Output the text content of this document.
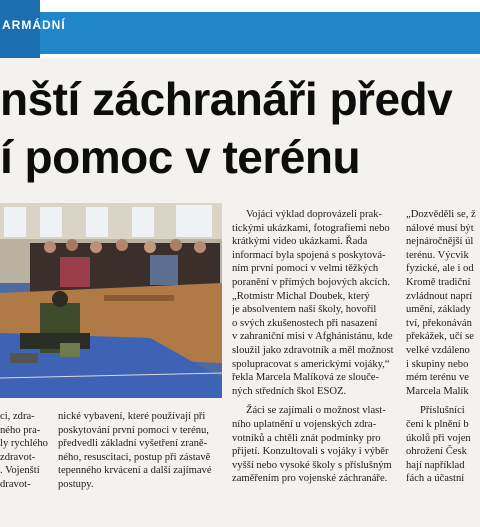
ARMÁDNÍ
nští záchranáři předv
í pomoc v terénu
ci, zdra-
ného pra-
ly rychlého
zdravot-
. Vojenští
dravot-
nické vybavení, které používají při
poskytování první pomoci v terénu,
předvedli základní vyšetření zraně-
ného, resuscitaci, postup při zástavě
tepenného krvácení a další zajímavé
postupy.
Vojáci výklad doprovázeli prak-
tickými ukázkami, fotografiemi nebo
krátkými video ukázkami. Řada
informací byla spojená s poskytová-
ním první pomoci v velmi těžkých
poranění v přímých bojových akcích.
„Rotmistr Michal Doubek, který
je absolventem naší školy, hovořil
o svých zkušenostech při nasazení
v zahraniční misi v Afghánistánu, kde
sloužil jako zdravotník a měl možnost
spolupracovat s americkými vojáky,“
řekla Marcela Malíková ze slouče-
ných středních škol ESOZ.
Žáci se zajímali o možnost vlast-
ního uplatnění u vojenských zdra-
votníků a chtěli znát podmínky pro
přijetí. Konzultovali s vojáky i výběr
vyšší nebo vysoké školy s příslušným
zaměřením pro vojenské záchranáře.
„Dozvěděli se, ž
nálové musí být
nejnáročnější úl
terénu. Výcvik
fyzické, ale i od
Kromě tradiční
zvládnout naprí
umění, základy
tví, překonáván
překážek, učí se
velké vzdáleno
i skupiny nebo
mém terénu ve
Marcela Malík
Příslušníci
čení k plnění b
úkolů při vojen
ohrožení Česk
hají například
fách a účastní
